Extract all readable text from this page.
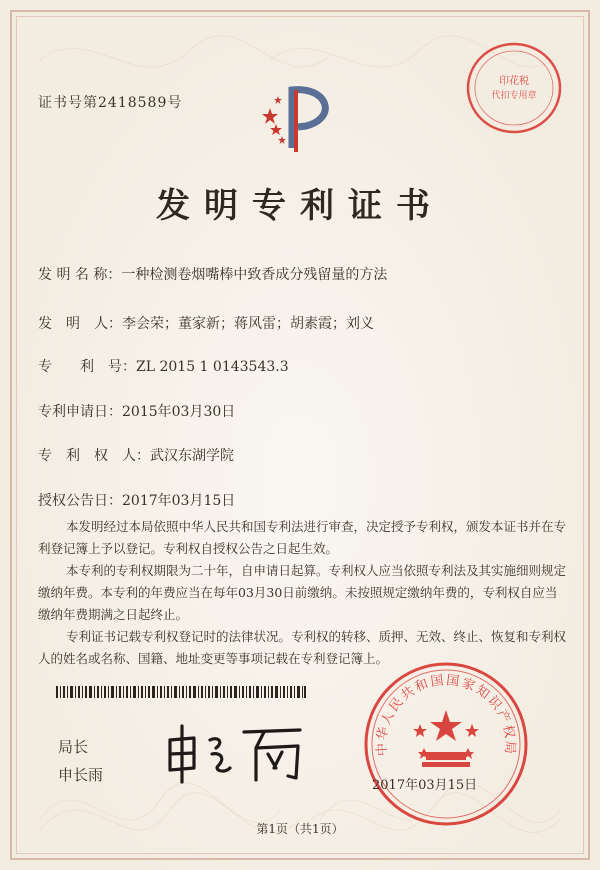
证书号第2418589号
印花税
代扣专用章
发明专利证书
发 明 名 称：一种检测卷烟嘴棒中致香成分残留量的方法
发　明　人：李会荣；董家新；蒋风雷；胡素霞；刘义
专　　利　号：ZL 2015 1 0143543.3
专利申请日：2015年03月30日
专　利　权　人：武汉东湖学院
授权公告日：2017年03月15日

本发明经过本局依照中华人民共和国专利法进行审查，决定授予专利权，颁发本证书并在专利登记簿上予以登记。专利权自授权公告之日起生效。

本专利的专利权期限为二十年，自申请日起算。专利权人应当依照专利法及其实施细则规定缴纳年费。本专利的年费应当在每年03月30日前缴纳。未按照规定缴纳年费的，专利权自应当缴纳年费期满之日起终止。

专利证书记载专利权登记时的法律状况。专利权的转移、质押、无效、终止、恢复和专利权人的姓名或名称、国籍、地址变更等事项记载在专利登记簿上。

局长
申长雨
中华人民共和国国家知识产权局
2017年03月15日
第1页（共1页）
